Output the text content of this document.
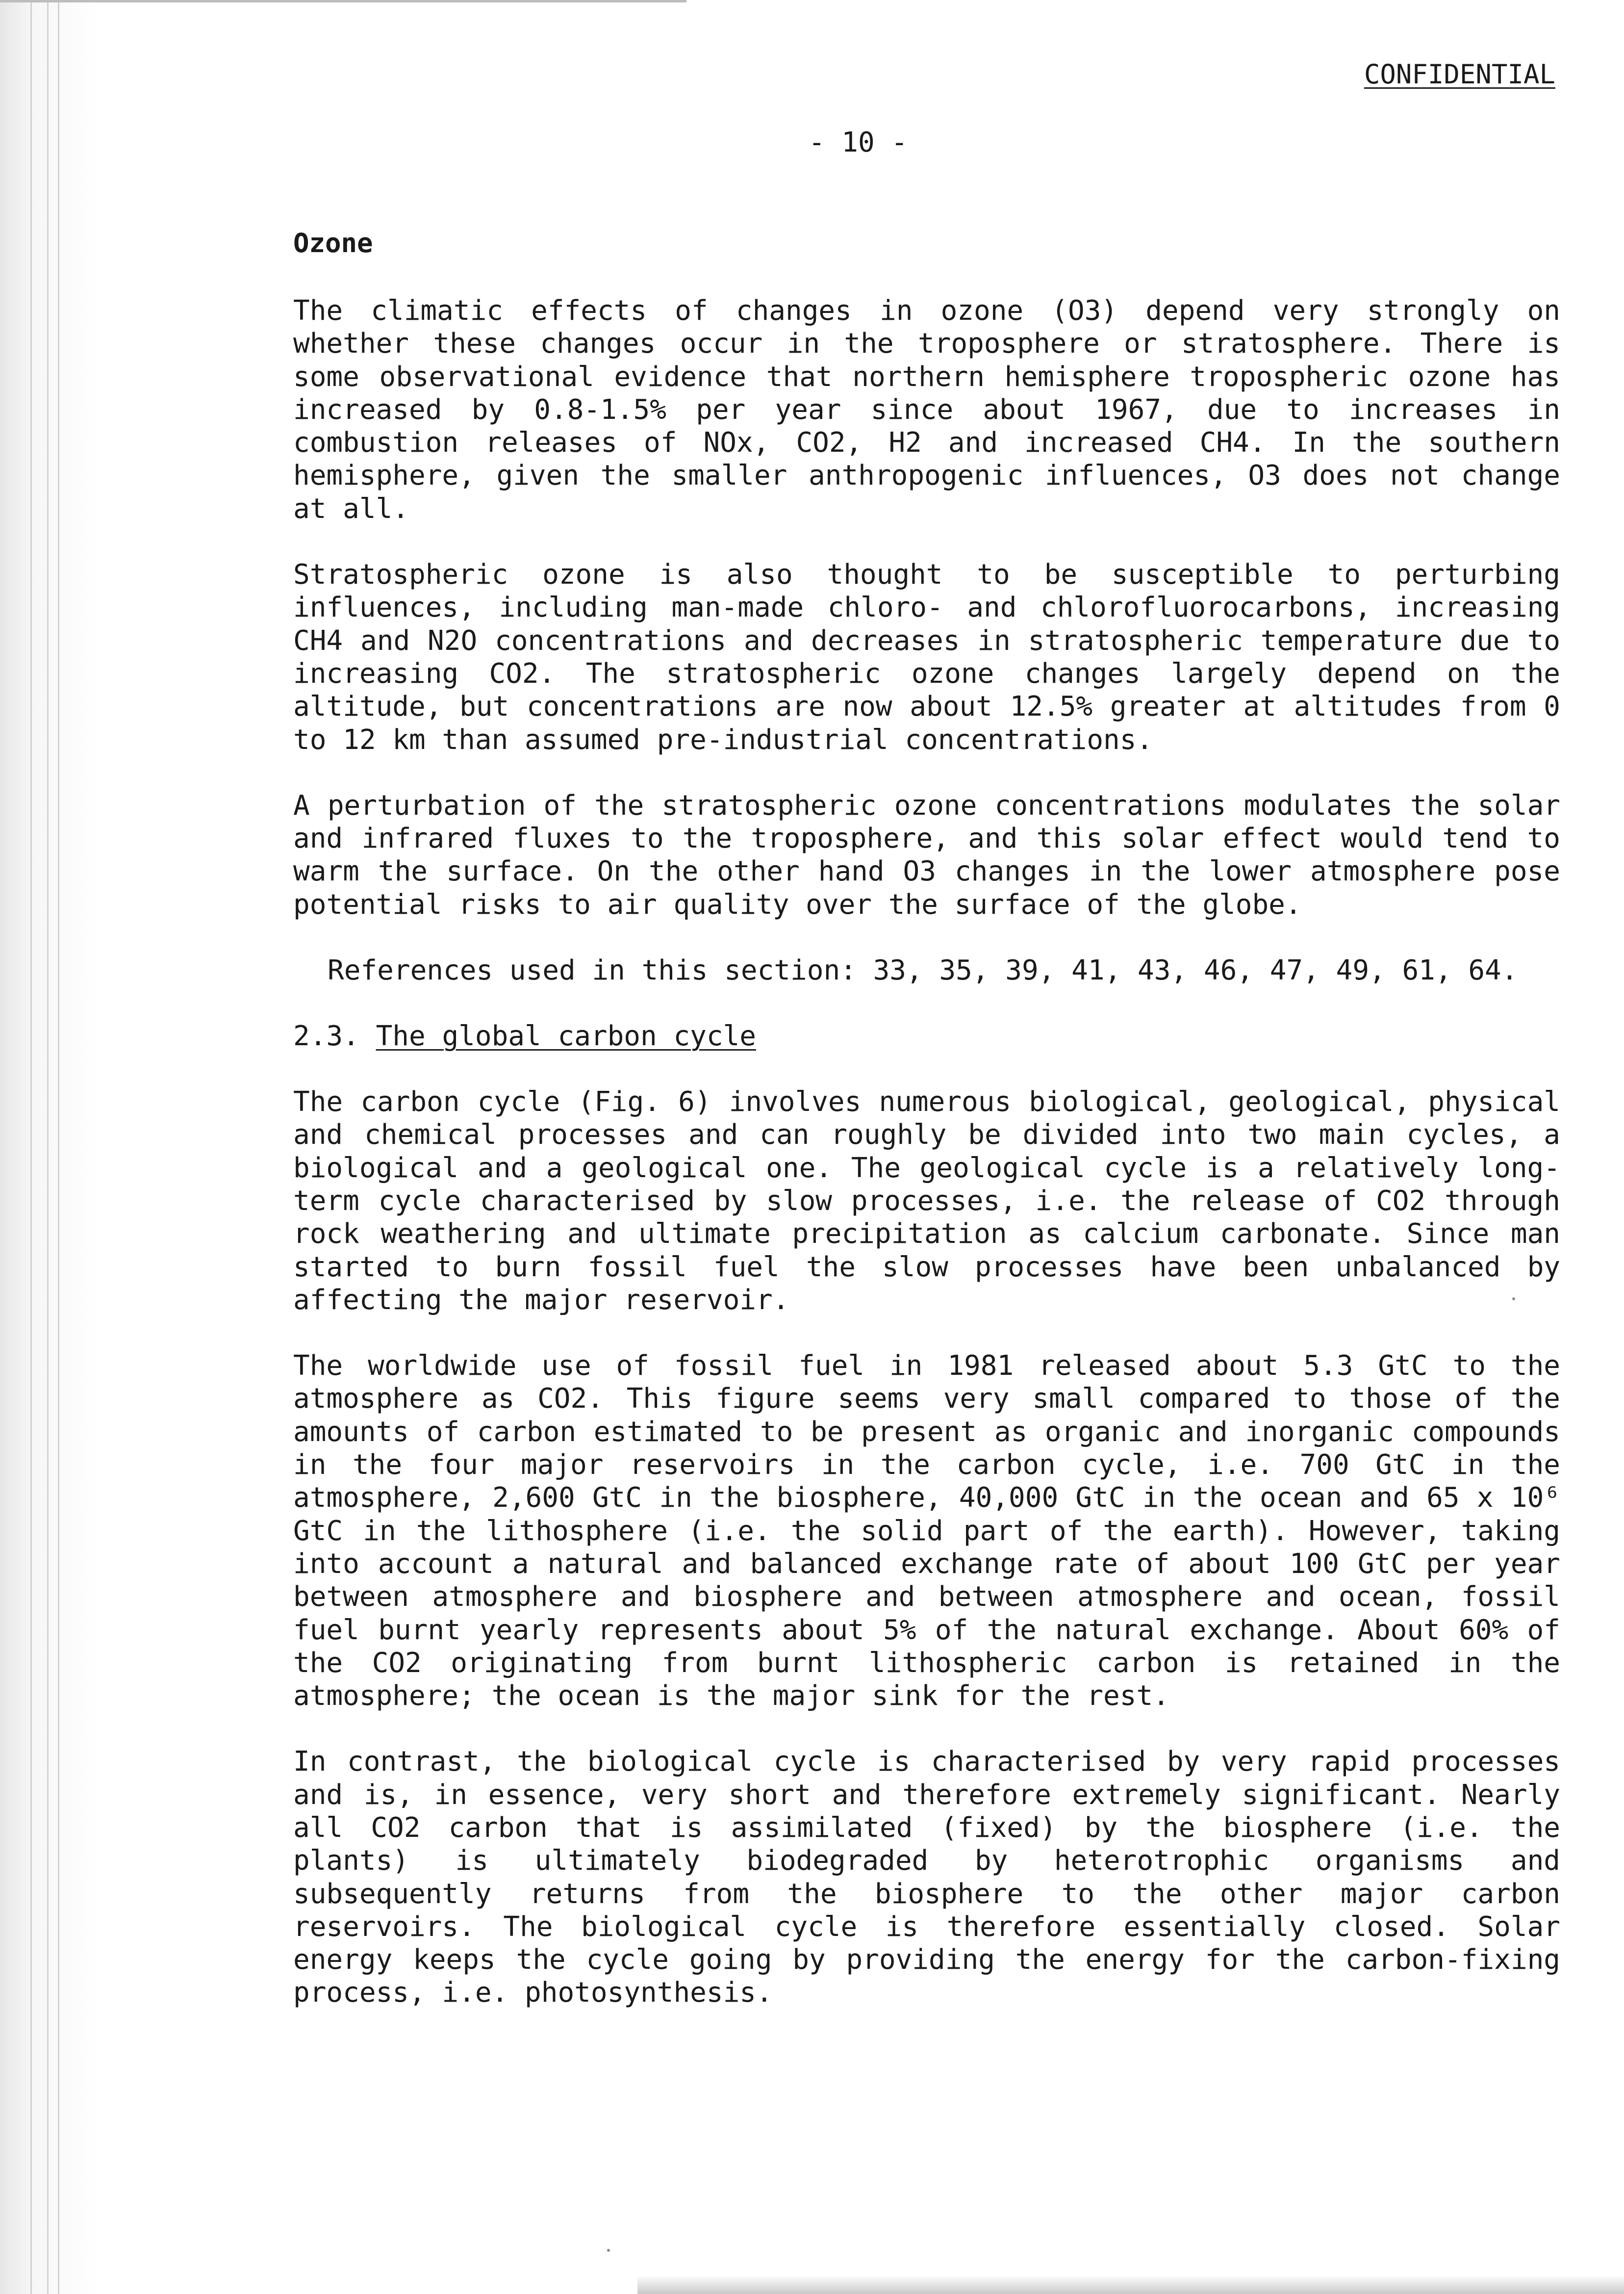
CONFIDENTIAL
- 10 -
Ozone

The climatic effects of changes in ozone (O3) depend very strongly on whether these changes occur in the troposphere or stratosphere. There is some observational evidence that northern hemisphere tropospheric ozone has increased by 0.8-1.5% per year since about 1967, due to increases in combustion releases of NOx, CO2, H2 and increased CH4. In the southern hemisphere, given the smaller anthropogenic influences, O3 does not change at all.

Stratospheric ozone is also thought to be susceptible to perturbing influences, including man-made chloro- and chlorofluorocarbons, increasing CH4 and N2O concentrations and decreases in stratospheric temperature due to increasing CO2. The stratospheric ozone changes largely depend on the altitude, but concentrations are now about 12.5% greater at altitudes from 0 to 12 km than assumed pre-industrial concentrations.

A perturbation of the stratospheric ozone concentrations modulates the solar and infrared fluxes to the troposphere, and this solar effect would tend to warm the surface. On the other hand O3 changes in the lower atmosphere pose potential risks to air quality over the surface of the globe.

References used in this section: 33, 35, 39, 41, 43, 46, 47, 49, 61, 64.
2.3. The global carbon cycle

The carbon cycle (Fig. 6) involves numerous biological, geological, physical and chemical processes and can roughly be divided into two main cycles, a biological and a geological one. The geological cycle is a relatively long-term cycle characterised by slow processes, i.e. the release of CO2 through rock weathering and ultimate precipitation as calcium carbonate. Since man started to burn fossil fuel the slow processes have been unbalanced by affecting the major reservoir.

The worldwide use of fossil fuel in 1981 released about 5.3 GtC to the atmosphere as CO2. This figure seems very small compared to those of the amounts of carbon estimated to be present as organic and inorganic compounds in the four major reservoirs in the carbon cycle, i.e. 700 GtC in the atmosphere, 2,600 GtC in the biosphere, 40,000 GtC in the ocean and 65 x 10⁶ GtC in the lithosphere (i.e. the solid part of the earth). However, taking into account a natural and balanced exchange rate of about 100 GtC per year between atmosphere and biosphere and between atmosphere and ocean, fossil fuel burnt yearly represents about 5% of the natural exchange. About 60% of the CO2 originating from burnt lithospheric carbon is retained in the atmosphere; the ocean is the major sink for the rest.

In contrast, the biological cycle is characterised by very rapid processes and is, in essence, very short and therefore extremely significant. Nearly all CO2 carbon that is assimilated (fixed) by the biosphere (i.e. the plants) is ultimately biodegraded by heterotrophic organisms and subsequently returns from the biosphere to the other major carbon reservoirs. The biological cycle is therefore essentially closed. Solar energy keeps the cycle going by providing the energy for the carbon-fixing process, i.e. photosynthesis.
